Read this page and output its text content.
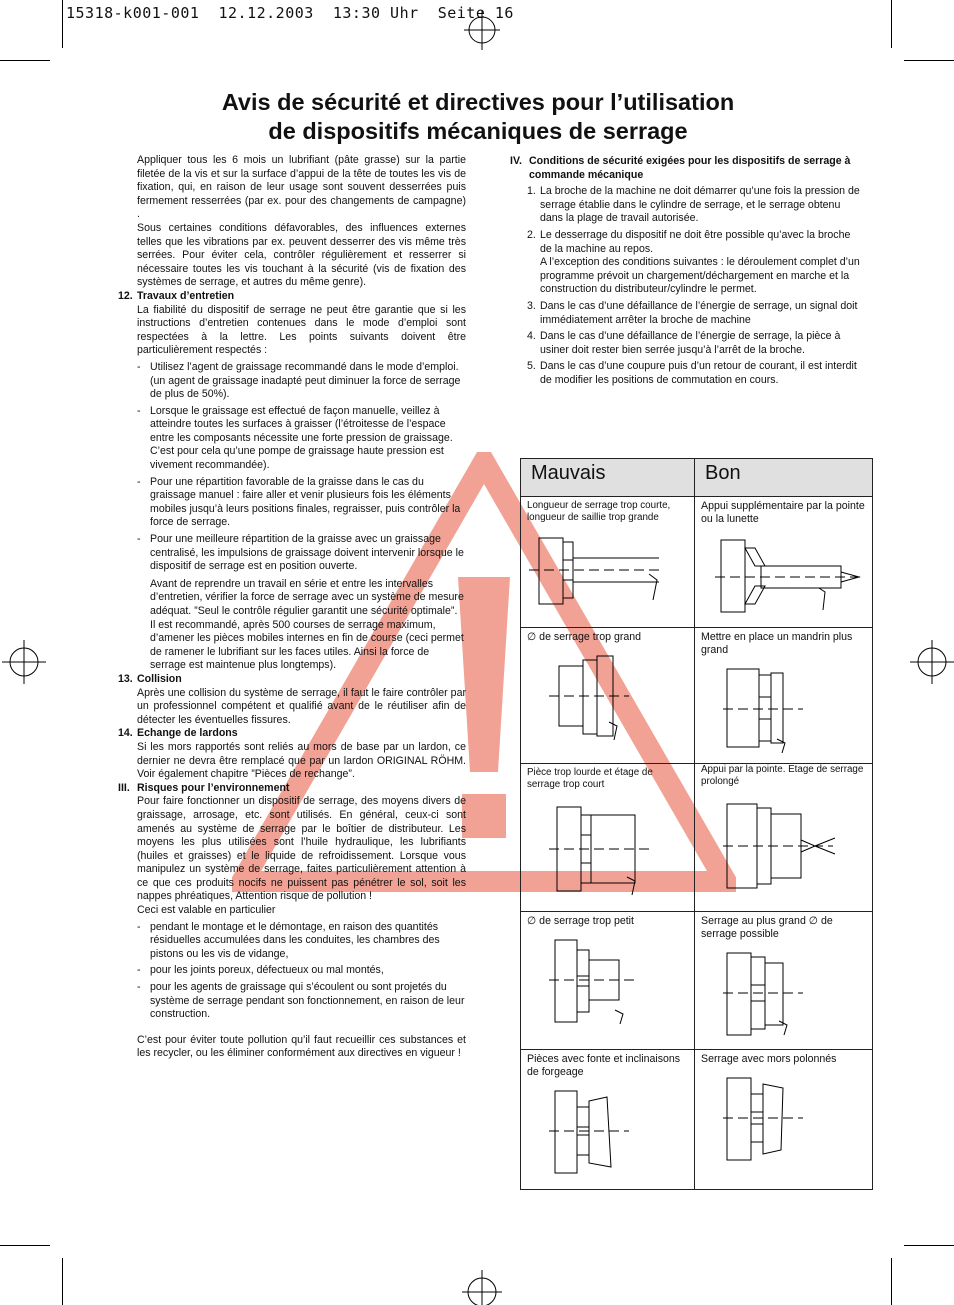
15318-k001-001  12.12.2003  13:30 Uhr  Seite 16
Avis de sécurité et directives pour l’utilisation
de dispositifs mécaniques de serrage

Appliquer tous les 6 mois un lubrifiant (pâte grasse) sur la partie filetée de la vis et sur la surface d’appui de la tête de toutes les vis de fixation, qui, en raison de leur usage sont souvent desserrées puis fermement resserrées (par ex. pour des changements de campagne) .

Sous certaines conditions défavorables, des influences externes telles que les vibrations par ex. peuvent desserrer des vis même très serrées. Pour éviter cela, contrôler régulièrement et resserrer si nécessaire toutes les vis touchant à la sécurité (vis de fixation des systèmes de serrage, et autres du même genre).

12. Travaux d’entretien

La fiabilité du dispositif de serrage ne peut être garantie que si les instructions d’entretien contenues dans le mode d’emploi sont respectées à la lettre. Les points suivants doivent être particulièrement respectés :

- Utilisez l’agent de graissage recommandé dans le mode d’emploi. (un agent de graissage inadapté peut diminuer la force de serrage de plus de 50%).
- Lorsque le graissage est effectué de façon manuelle, veillez à atteindre toutes les surfaces à graisser (l’étroitesse de l’espace entre les composants nécessite une forte pression de graissage. C’est pour cela qu’une pompe de graissage haute pression est vivement recommandée).
- Pour une répartition favorable de la graisse dans le cas du graissage manuel : faire aller et venir plusieurs fois les éléments mobiles jusqu’à leurs positions finales, regraisser, puis contrôler la force de serrage.
- Pour une meilleure répartition de la graisse avec un graissage centralisé, les impulsions de graissage doivent intervenir lorsque le dispositif de serrage est en position ouverte.

Avant de reprendre un travail en série et entre les intervalles d’entretien, vérifier la force de serrage avec un système de mesure adéquat. ”Seul le contrôle régulier garantit une sécurité optimale”.

Il est recommandé, après 500 courses de serrage maximum, d’amener les pièces mobiles internes en fin de course (ceci permet de ramener le lubrifiant sur les faces utiles. Ainsi la force de serrage est maintenue plus longtemps).

13. Collision

Après une collision du système de serrage, il faut le faire contrôler par un professionnel compétent et qualifié avant de le réutiliser afin de détecter les éventuelles fissures.

14. Echange de lardons

Si les mors rapportés sont reliés au mors de base par un lardon, ce dernier ne devra être remplacé que par un lardon ORIGINAL RÖHM. Voir également chapitre ”Pièces de rechange”.

III. Risques pour l’environnement

Pour faire fonctionner un dispositif de serrage, des moyens divers de graissage, arrosage, etc. sont utilisés. En général, ceux-ci sont amenés au système de serrage par le boîtier de distributeur. Les moyens les plus utilisées sont l’huile hydraulique, les lubrifiants (huiles et graisses) et le liquide de refroidissement. Lorsque vous manipulez un système de serrage, faites particulièrement attention à ce que ces produits nocifs ne puissent pas pénétrer le sol, soit les nappes phréatiques, Attention risque de pollution !

Ceci est valable en particulier

- pendant le montage et le démontage, en raison des quantités résiduelles accumulées dans les conduites, les chambres des pistons ou les vis de vidange,
- pour les joints poreux, défectueux ou mal montés,
- pour les agents de graissage qui s’écoulent ou sont projetés du système de serrage pendant son fonctionnement, en raison de leur construction.

C’est pour éviter toute pollution qu’il faut recueillir ces substances et les recycler, ou les éliminer conformément aux directives en vigueur !

IV. Conditions de sécurité exigées pour les dispositifs de serrage à commande mécanique

1. La broche de la machine ne doit démarrer qu’une fois la pression de serrage établie dans le cylindre de serrage, et le serrage obtenu dans la plage de travail autorisée.
2. Le desserrage du dispositif ne doit être possible qu’avec la broche de la machine au repos.
A l’exception des conditions suivantes : le déroulement complet d’un programme prévoit un chargement/déchargement en marche et la construction du distributeur/cylindre le permet.
3. Dans le cas d’une défaillance de l’énergie de serrage, un signal doit immédiatement arrêter la broche de machine
4. Dans le cas d’une défaillance de l’énergie de serrage, la pièce à usiner doit rester bien serrée jusqu’à l’arrêt de la broche.
5. Dans le cas d’une coupure puis d’un retour de courant, il est interdit de modifier les positions de commutation en cours.
Mauvais	Bon

Longueur de serrage trop courte, longueur de saillie trop grande	Appui supplémentaire par la pointe ou la lunette

∅ de serrage trop grand	Mettre en place un mandrin plus grand

Pièce trop lourde et étage de serrage trop court	Appui par la pointe. Etage de serrage prolongé

∅ de serrage trop petit	Serrage au plus grand ∅ de serrage possible

Pièces avec fonte et inclinaisons de forgeage	Serrage avec mors polonnés
